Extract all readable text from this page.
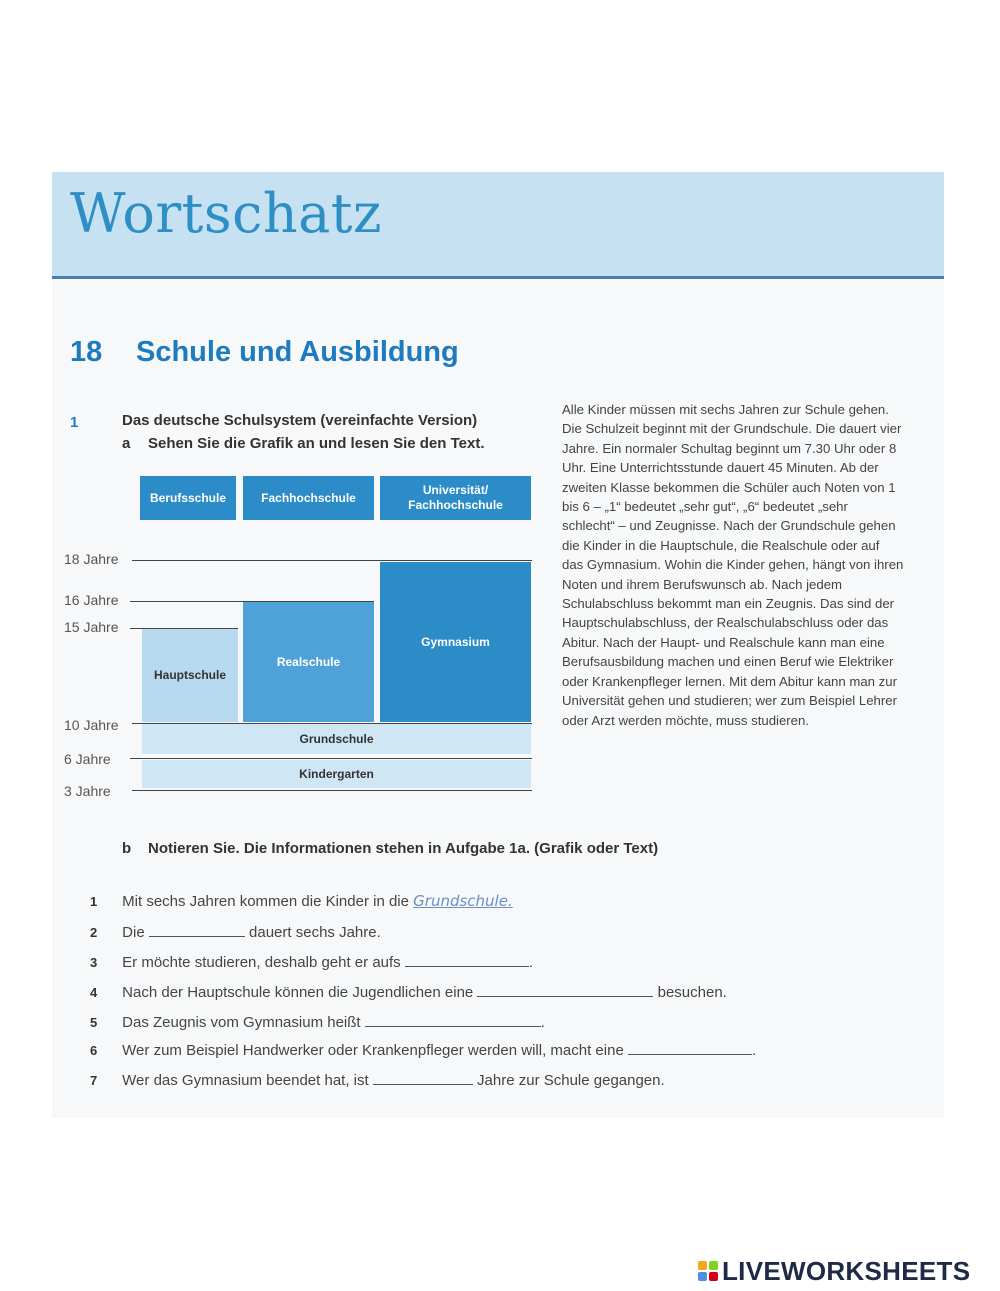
Wortschatz
18 Schule und Ausbildung
1	Das deutsche Schulsystem (vereinfachte Version)
a Sehen Sie die Grafik an und lesen Sie den Text.
Berufsschule	Fachhochschule
Universität/
Fachhochschule
Hauptschule
Realschule
Gymnasium
Grundschule
Kindergarten
18 Jahre
16 Jahre
15 Jahre
10 Jahre
6 Jahre
3 Jahre
Alle Kinder müssen mit sechs Jahren zur Schule gehen. Die Schulzeit beginnt mit der Grundschule. Die dauert vier Jahre. Ein normaler Schultag beginnt um 7.30 Uhr oder 8 Uhr. Eine Unterrichtsstunde dauert 45 Minuten. Ab der zweiten Klasse bekommen die Schüler auch Noten von 1 bis 6 – „1“ bedeutet „sehr gut“, „6“ bedeutet „sehr schlecht“ – und Zeugnisse. Nach der Grundschule gehen die Kinder in die Hauptschule, die Realschule oder auf das Gymnasium. Wohin die Kinder gehen, hängt von ihren Noten und ihrem Berufswunsch ab. Nach jedem Schulabschluss bekommt man ein Zeugnis. Das sind der Hauptschulabschluss, der Realschulabschluss oder das Abitur. Nach der Haupt- und Realschule kann man eine Berufsausbildung machen und einen Beruf wie Elektriker oder Krankenpfleger lernen. Mit dem Abitur kann man zur Universität gehen und studieren; wer zum Beispiel Lehrer oder Arzt werden möchte, muss studieren.
b Notieren Sie. Die Informationen stehen in Aufgabe 1a. (Grafik oder Text)
1 Mit sechs Jahren kommen die Kinder in die Grundschule.
2 Die	dauert sechs Jahre.
3 Er möchte studieren, deshalb geht er aufs	.
4 Nach der Hauptschule können die Jugendlichen eine	besuchen.
5 Das Zeugnis vom Gymnasium heißt	.
6 Wer zum Beispiel Handwerker oder Krankenpfleger werden will, macht eine	.
7 Wer das Gymnasium beendet hat, ist	Jahre zur Schule gegangen.
LIVEWORKSHEETS
